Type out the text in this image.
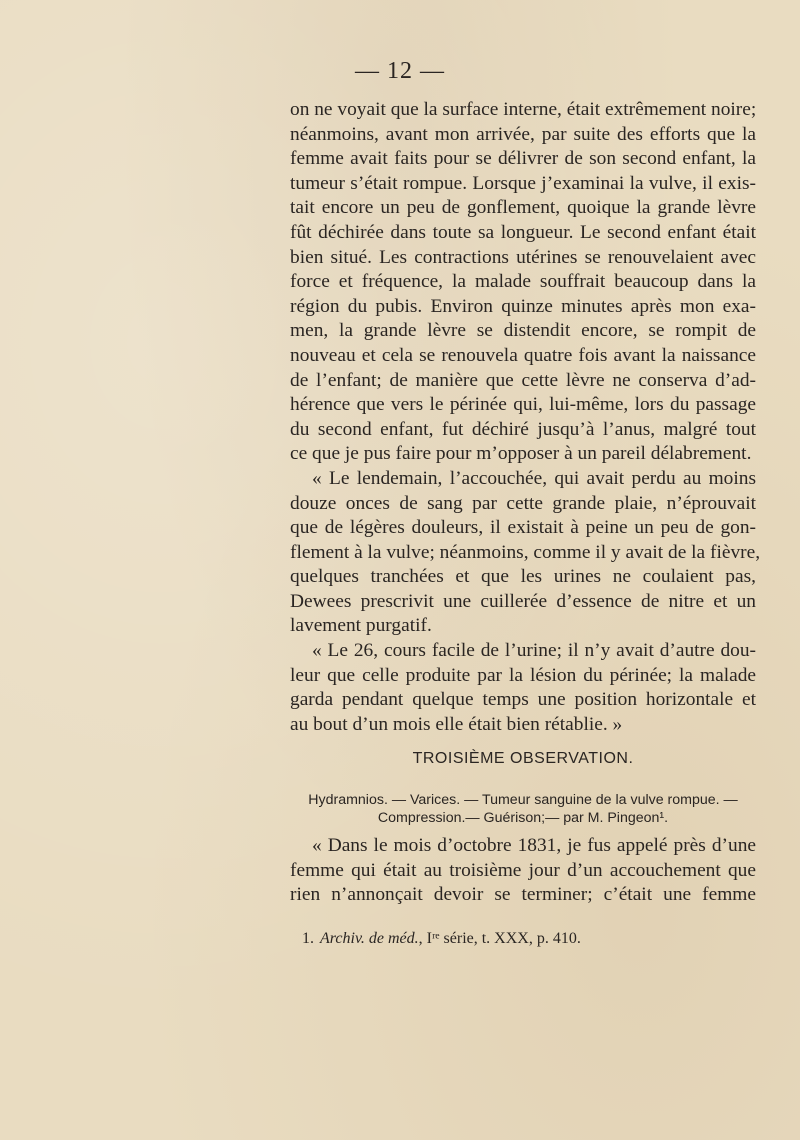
— 12 —
on ne voyait que la surface interne, était extrêmement noire;
néanmoins, avant mon arrivée, par suite des efforts que la
femme avait faits pour se délivrer de son second enfant, la
tumeur s’était rompue. Lorsque j’examinai la vulve, il exis-
tait encore un peu de gonflement, quoique la grande lèvre
fût déchirée dans toute sa longueur. Le second enfant était
bien situé. Les contractions utérines se renouvelaient avec
force et fréquence, la malade souffrait beaucoup dans la
région du pubis. Environ quinze minutes après mon exa-
men, la grande lèvre se distendit encore, se rompit de
nouveau et cela se renouvela quatre fois avant la naissance
de l’enfant; de manière que cette lèvre ne conserva d’ad-
hérence que vers le périnée qui, lui-même, lors du passage
du second enfant, fut déchiré jusqu’à l’anus, malgré tout
ce que je pus faire pour m’opposer à un pareil délabrement.
« Le lendemain, l’accouchée, qui avait perdu au moins
douze onces de sang par cette grande plaie, n’éprouvait
que de légères douleurs, il existait à peine un peu de gon-
flement à la vulve; néanmoins, comme il y avait de la fièvre,
quelques tranchées et que les urines ne coulaient pas,
Dewees prescrivit une cuillerée d’essence de nitre et un
lavement purgatif.
« Le 26, cours facile de l’urine; il n’y avait d’autre dou-
leur que celle produite par la lésion du périnée; la malade
garda pendant quelque temps une position horizontale et
au bout d’un mois elle était bien rétablie. »
TROISIÈME OBSERVATION.
Hydramnios. — Varices. — Tumeur sanguine de la vulve rompue. —
Compression.— Guérison;— par M. Pingeon¹.
« Dans le mois d’octobre 1831, je fus appelé près d’une
femme qui était au troisième jour d’un accouchement que
rien n’annonçait devoir se terminer; c’était une femme
1. Archiv. de méd., Iʳᵉ série, t. XXX, p. 410.
